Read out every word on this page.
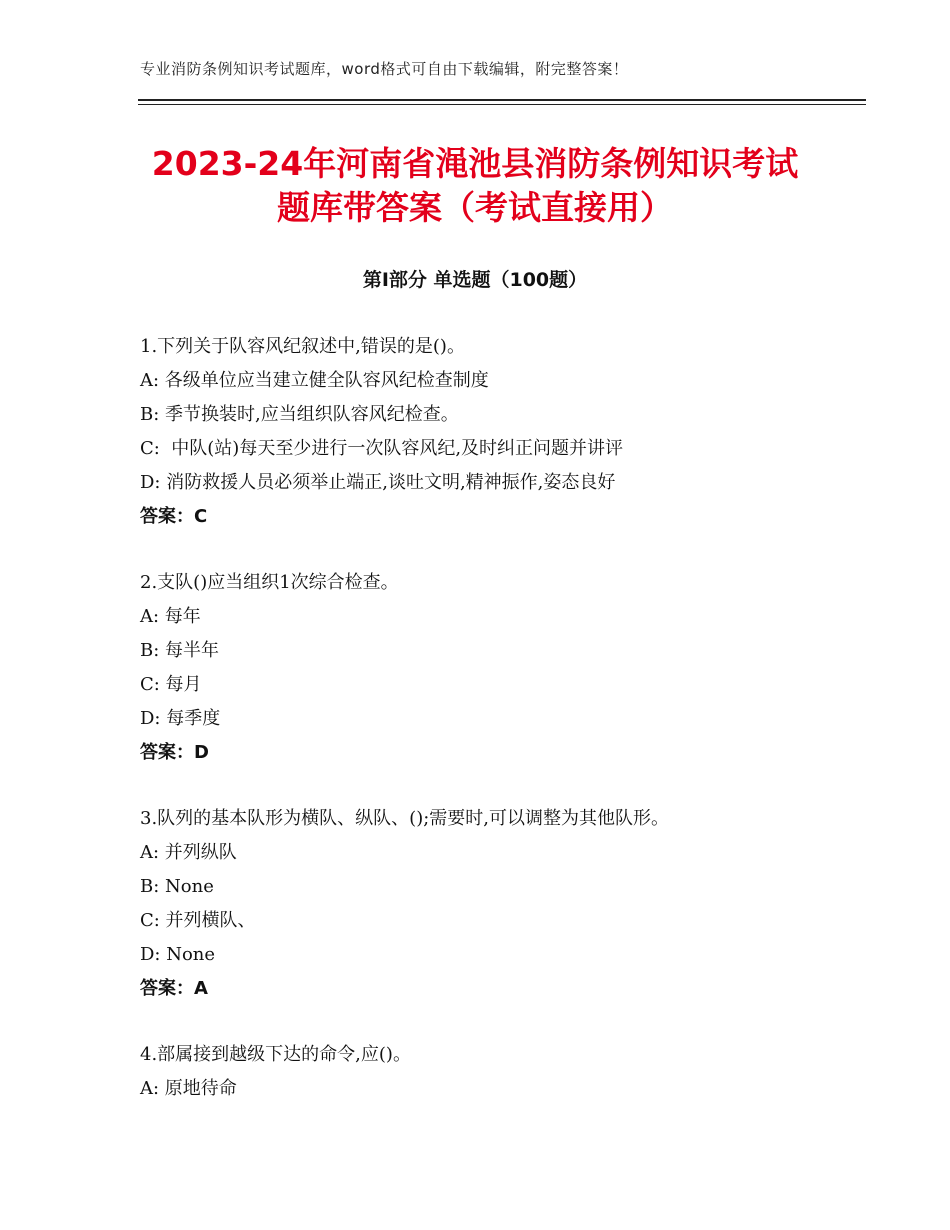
专业消防条例知识考试题库，word格式可自由下载编辑，附完整答案！
2023-24年河南省渑池县消防条例知识考试
题库带答案（考试直接用）
第Ⅰ部分 单选题（100题）
1.下列关于队容风纪叙述中,错误的是()。
A: 各级单位应当建立健全队容风纪检查制度
B: 季节换装时,应当组织队容风纪检查。
C:  中队(站)每天至少进行一次队容风纪,及时纠正问题并讲评
D: 消防救援人员必须举止端正,谈吐文明,精神振作,姿态良好
答案：C
2.支队()应当组织1次综合检查。
A: 每年
B: 每半年
C: 每月
D: 每季度
答案：D
3.队列的基本队形为横队、纵队、();需要时,可以调整为其他队形。
A: 并列纵队
B: None
C: 并列横队、
D: None
答案：A
4.部属接到越级下达的命令,应()。
A: 原地待命
